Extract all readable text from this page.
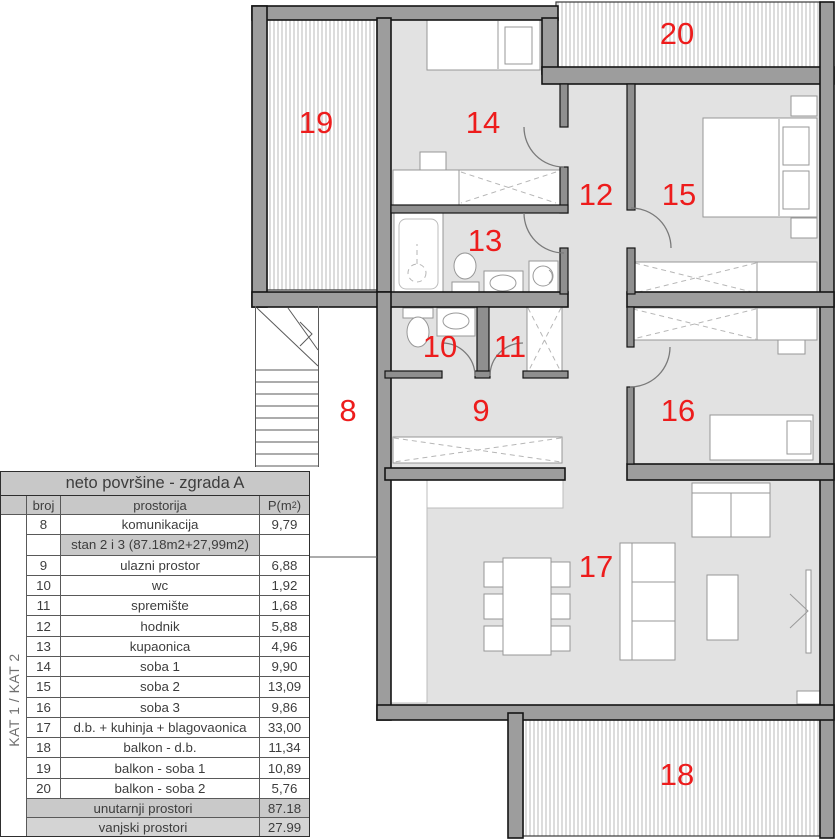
8	9
10 11
12
13
14
15
16
17
18
19
20
neto površine - zgrada A
KAT 1 / KAT 2
broj	prostorija	P(m 2 )
8	komunikacija	9,79
stan 2 i 3 (87.18m2+27,99m2)
9	ulazni prostor	6,88
10	wc	1,92
11	spremište	1,68
12	hodnik	5,88
13	kupaonica	4,96
14	soba 1	9,90
15	soba 2	13,09
16	soba 3	9,86
17	d.b. + kuhinja + blagovaonica	33,00
18	balkon - d.b.	11,34
19	balkon - soba 1	10,89
20	balkon - soba 2	5,76
unutarnji prostori	87.18
vanjski prostori	27.99
